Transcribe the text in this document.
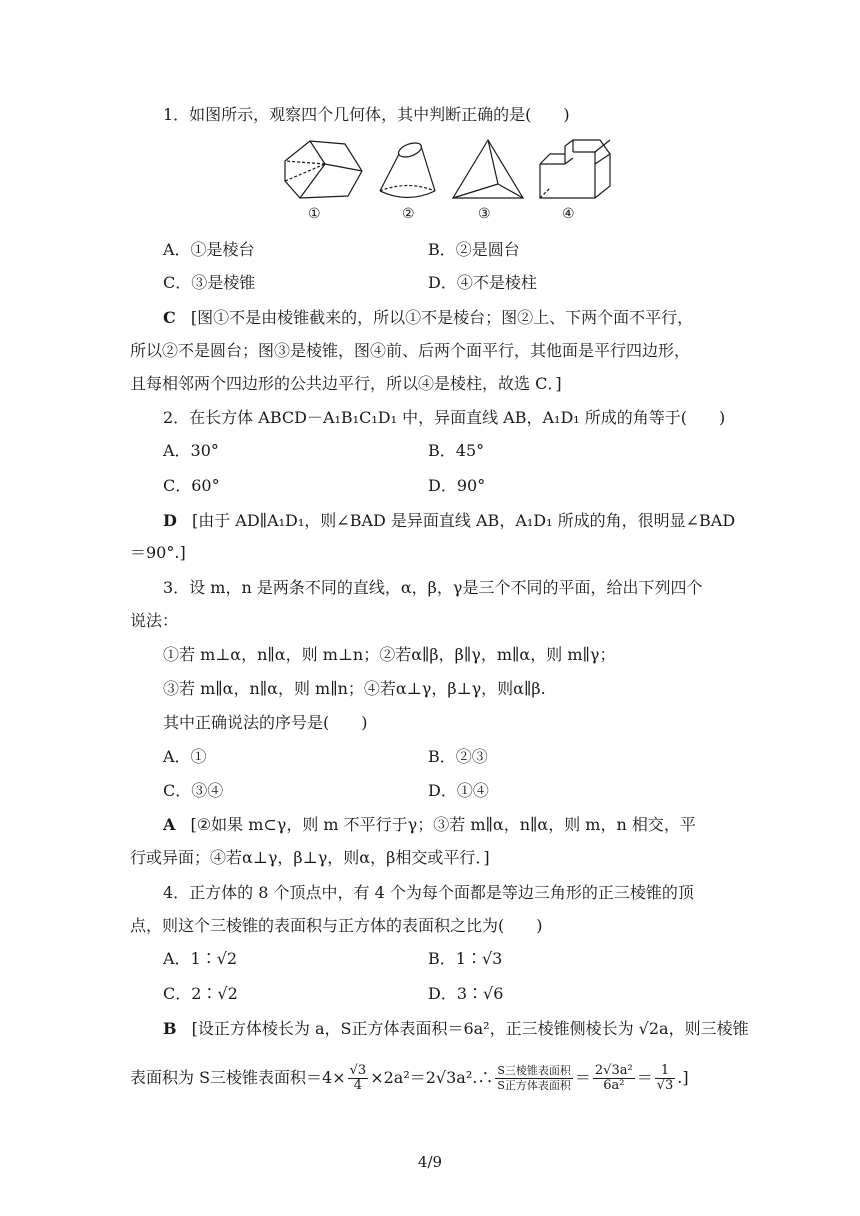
1．如图所示，观察四个几何体，其中判断正确的是(　　)
①	②	③	④
A．①是棱台	B．②是圆台
C．③是棱锥	D．④不是棱柱
C [图①不是由棱锥截来的，所以①不是棱台；图②上、下两个面不平行，
所以②不是圆台；图③是棱锥，图④前、后两个面平行，其他面是平行四边形，
且每相邻两个四边形的公共边平行，所以④是棱柱，故选 C．]
2．在长方体 ABCD－A₁B₁C₁D₁ 中，异面直线 AB，A₁D₁ 所成的角等于(　　)
A．30°	B．45°
C．60°	D．90°
D [由于 AD∥A₁D₁，则∠BAD 是异面直线 AB，A₁D₁ 所成的角，很明显∠BAD
＝90°.]
3．设 m，n 是两条不同的直线，α，β，γ是三个不同的平面，给出下列四个
说法：
①若 m⊥α，n∥α，则 m⊥n；②若α∥β，β∥γ，m∥α，则 m∥γ；
③若 m∥α，n∥α，则 m∥n；④若α⊥γ，β⊥γ，则α∥β.
其中正确说法的序号是(　　)
A．①	B．②③
C．③④	D．①④
A [②如果 m⊂γ，则 m 不平行于γ；③若 m∥α，n∥α，则 m，n 相交，平
行或异面；④若α⊥γ，β⊥γ，则α，β相交或平行．]
4．正方体的 8 个顶点中，有 4 个为每个面都是等边三角形的正三棱锥的顶
点，则这个三棱锥的表面积与正方体的表面积之比为(　　)
A．1∶√2	B．1∶√3
C．2∶√2	D．3∶√6
B [设正方体棱长为 a，S正方体表面积＝6a²，正三棱锥侧棱长为 √2a，则三棱锥
表面积为 S三棱锥表面积$=4\times \frac{√3}{4}$ ×2a²＝2√3a².∴ $\frac{\text{S三棱锥表面积}}{\text{S正方体表面积}} = \frac{\text{2√3a²}}{\text{6a²}} = \frac{1}{√3}$ .]
4/9
